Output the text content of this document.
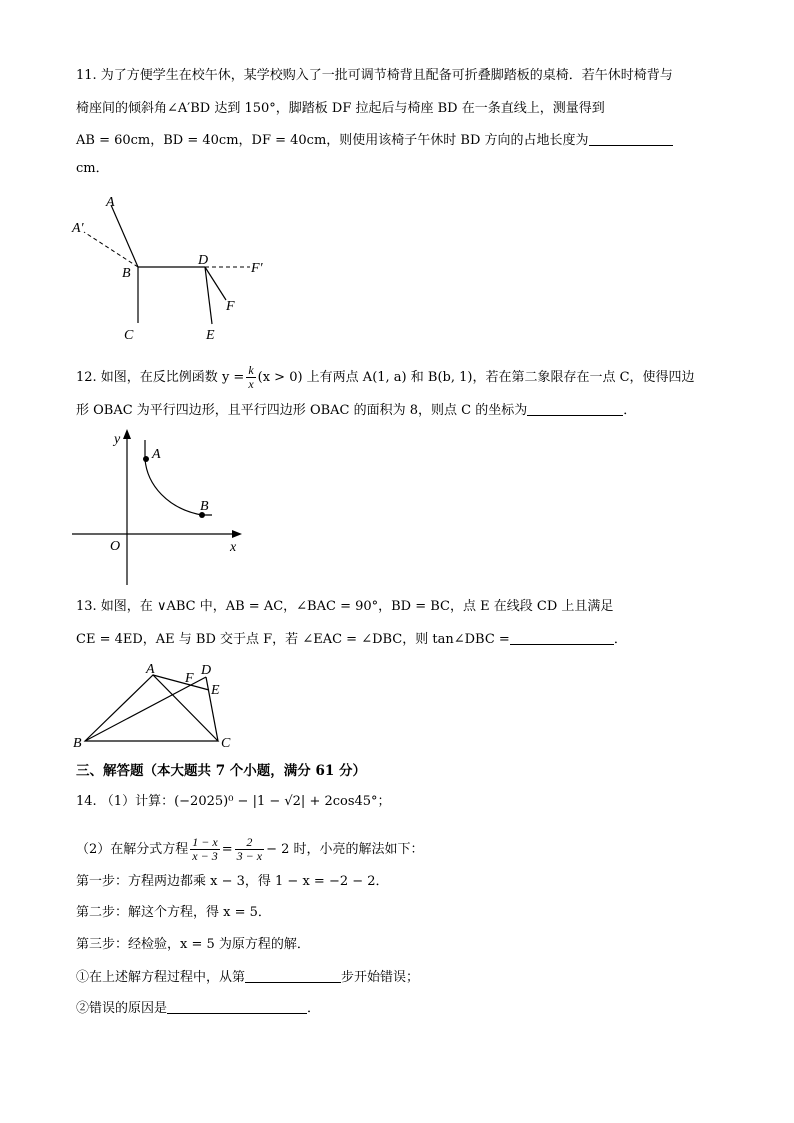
11. 为了方便学生在校午休，某学校购入了一批可调节椅背且配备可折叠脚踏板的桌椅．若午休时椅背与
椅座间的倾斜角∠A′BD 达到 150°，脚踏板 DF 拉起后与椅座 BD 在一条直线上，测量得到
AB = 60cm，BD = 40cm，DF = 40cm，则使用该椅子午休时 BD 方向的占地长度为
cm．
A
A′
B
C
D
E
F
F′
12. 如图，在反比例函数 $y = \frac{k}{x} (x > 0)$ 上有两点 A(1, a) 和 B(b, 1)，若在第二象限存在一点 C，使得四边
形 OBAC 为平行四边形，且平行四边形 OBAC 的面积为 8，则点 C 的坐标为	．
y
x
O
A
B
13. 如图，在 ∨ABC 中，AB = AC，∠BAC = 90°，BD = BC，点 E 在线段 CD 上且满足
CE = 4ED，AE 与 BD 交于点 F，若 ∠EAC = ∠DBC，则 tan∠DBC =	．
A
B	C
D
E
F
三、解答题（本大题共 7 个小题，满分 61 分）
14. （1）计算：(−2025)⁰ − |1 − √2| + 2cos45°；
（2）在解分式方程 $\frac{1 - x}{x - 3} = \frac{2}{3 - x} - 2$ 时，小亮的解法如下：
第一步：方程两边都乘 x − 3，得 1 − x = −2 − 2．
第二步：解这个方程，得 x = 5．
第三步：经检验，x = 5 为原方程的解．
①在上述解方程过程中，从第	步开始错误；
②错误的原因是	．
